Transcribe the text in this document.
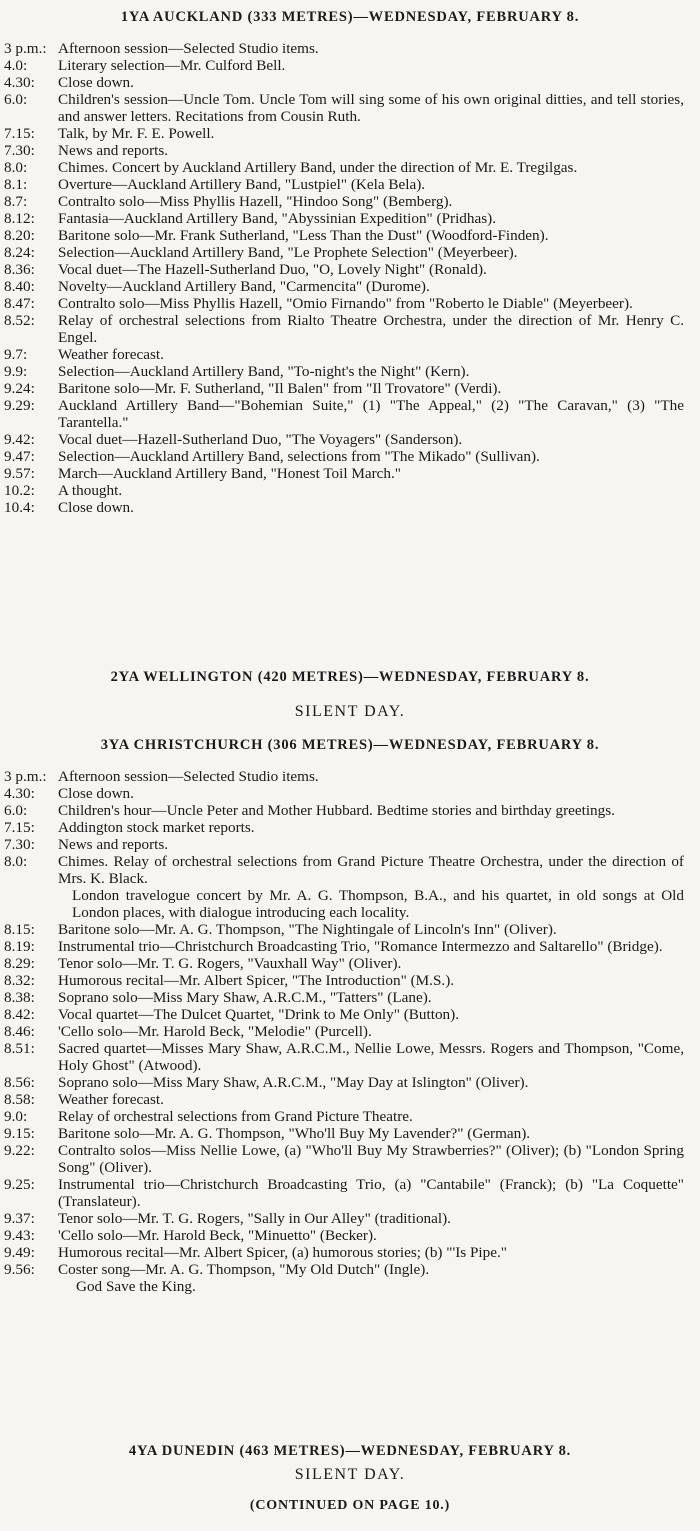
1YA AUCKLAND (333 METRES)—WEDNESDAY, FEBRUARY 8.
3 p.m.: Afternoon session—Selected Studio items.
4.0:	Literary selection—Mr. Culford Bell.
4.30:	Close down.
6.0:	Children's session—Uncle Tom. Uncle Tom will sing some of his own original ditties, and tell stories, and answer letters. Recitations from Cousin Ruth.
7.15:	Talk, by Mr. F. E. Powell.
7.30:	News and reports.
8.0:	Chimes. Concert by Auckland Artillery Band, under the direction of Mr. E. Tregilgas.
8.1:	Overture—Auckland Artillery Band, "Lustpiel" (Kela Bela).
8.7:	Contralto solo—Miss Phyllis Hazell, "Hindoo Song" (Bemberg).
8.12:	Fantasia—Auckland Artillery Band, "Abyssinian Expedition" (Pridhas).
8.20:	Baritone solo—Mr. Frank Sutherland, "Less Than the Dust" (Woodford-Finden).
8.24:	Selection—Auckland Artillery Band, "Le Prophete Selection" (Meyerbeer).
8.36:	Vocal duet—The Hazell-Sutherland Duo, "O, Lovely Night" (Ronald).
8.40:	Novelty—Auckland Artillery Band, "Carmencita" (Durome).
8.47:	Contralto solo—Miss Phyllis Hazell, "Omio Firnando" from "Roberto le Diable" (Meyerbeer).
8.52:	Relay of orchestral selections from Rialto Theatre Orchestra, under the direction of Mr. Henry C. Engel.
9.7:	Weather forecast.
9.9:	Selection—Auckland Artillery Band, "To-night's the Night" (Kern).
9.24:	Baritone solo—Mr. F. Sutherland, "Il Balen" from "Il Trovatore" (Verdi).
9.29:	Auckland Artillery Band—"Bohemian Suite," (1) "The Appeal," (2) "The Caravan," (3) "The Tarantella."
9.42:	Vocal duet—Hazell-Sutherland Duo, "The Voyagers" (Sanderson).
9.47:	Selection—Auckland Artillery Band, selections from "The Mikado" (Sullivan).
9.57:	March—Auckland Artillery Band, "Honest Toil March."
10.2:	A thought.
10.4:	Close down.
2YA WELLINGTON (420 METRES)—WEDNESDAY, FEBRUARY 8.
SILENT DAY.
3YA CHRISTCHURCH (306 METRES)—WEDNESDAY, FEBRUARY 8.
3 p.m.: Afternoon session—Selected Studio items.
4.30:	Close down.
6.0:	Children's hour—Uncle Peter and Mother Hubbard. Bedtime stories and birthday greetings.
7.15:	Addington stock market reports.
7.30:	News and reports.
8.0:	Chimes. Relay of orchestral selections from Grand Picture Theatre Orchestra, under the direction of Mrs. K. Black.
London travelogue concert by Mr. A. G. Thompson, B.A., and his quartet, in old songs at Old London places, with dialogue introducing each locality.
8.15:	Baritone solo—Mr. A. G. Thompson, "The Nightingale of Lincoln's Inn" (Oliver).
8.19:	Instrumental trio—Christchurch Broadcasting Trio, "Romance Intermezzo and Saltarello" (Bridge).
8.29:	Tenor solo—Mr. T. G. Rogers, "Vauxhall Way" (Oliver).
8.32:	Humorous recital—Mr. Albert Spicer, "The Introduction" (M.S.).
8.38:	Soprano solo—Miss Mary Shaw, A.R.C.M., "Tatters" (Lane).
8.42:	Vocal quartet—The Dulcet Quartet, "Drink to Me Only" (Button).
8.46:	'Cello solo—Mr. Harold Beck, "Melodie" (Purcell).
8.51:	Sacred quartet—Misses Mary Shaw, A.R.C.M., Nellie Lowe, Messrs. Rogers and Thompson, "Come, Holy Ghost" (Atwood).
8.56:	Soprano solo—Miss Mary Shaw, A.R.C.M., "May Day at Islington" (Oliver).
8.58:	Weather forecast.
9.0:	Relay of orchestral selections from Grand Picture Theatre.
9.15:	Baritone solo—Mr. A. G. Thompson, "Who'll Buy My Lavender?" (German).
9.22:	Contralto solos—Miss Nellie Lowe, (a) "Who'll Buy My Strawberries?" (Oliver); (b) "London Spring Song" (Oliver).
9.25:	Instrumental trio—Christchurch Broadcasting Trio, (a) "Cantabile" (Franck); (b) "La Coquette" (Translateur).
9.37:	Tenor solo—Mr. T. G. Rogers, "Sally in Our Alley" (traditional).
9.43:	'Cello solo—Mr. Harold Beck, "Minuetto" (Becker).
9.49:	Humorous recital—Mr. Albert Spicer, (a) humorous stories; (b) "'Is Pipe."
9.56:	Coster song—Mr. A. G. Thompson, "My Old Dutch" (Ingle).
God Save the King.
4YA DUNEDIN (463 METRES)—WEDNESDAY, FEBRUARY 8.
SILENT DAY.
(CONTINUED ON PAGE 10.)
